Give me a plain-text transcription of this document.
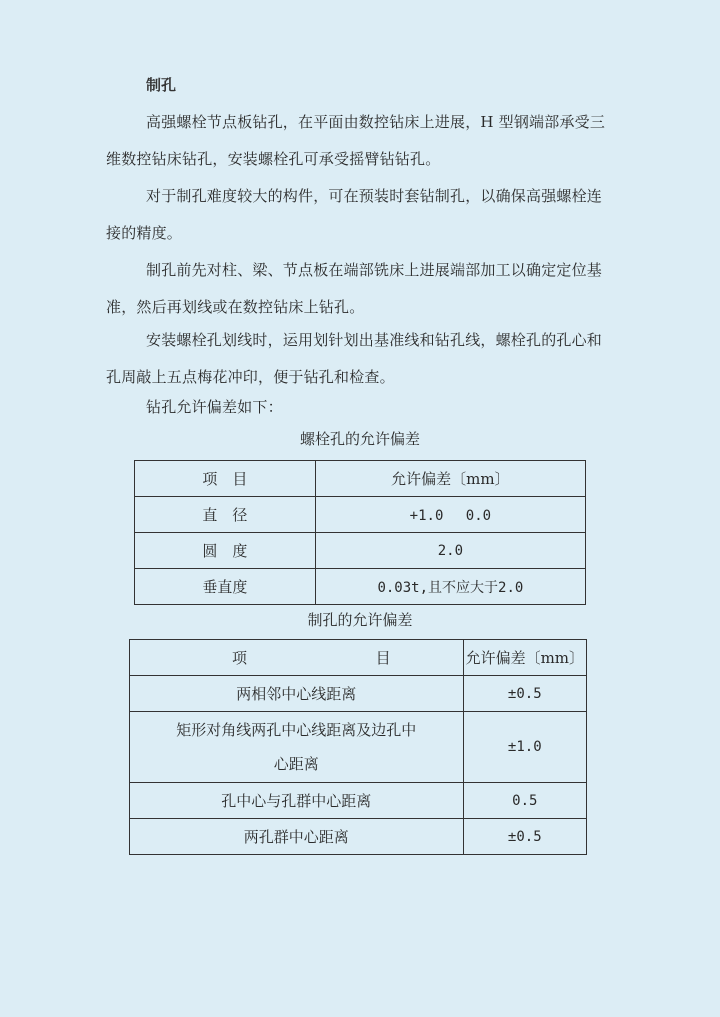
制孔
高强螺栓节点板钻孔，在平面由数控钻床上进展，H 型钢端部承受三维数控钻床钻孔，安装螺栓孔可承受摇臂钻钻孔。
对于制孔难度较大的构件，可在预装时套钻制孔，以确保高强螺栓连接的精度。
制孔前先对柱、梁、节点板在端部铣床上进展端部加工以确定定位基准，然后再划线或在数控钻床上钻孔。
安装螺栓孔划线时，运用划针划出基准线和钻孔线，螺栓孔的孔心和孔周敲上五点梅花冲印，便于钻孔和检查。
钻孔允许偏差如下：
螺栓孔的允许偏差
项　目	允许偏差〔mm〕
直　径	+1.0　 0.0
圆　度	2.0
垂直度	0.03t,且不应大于2.0
制孔的允许偏差
项 目	允许偏差〔mm〕
两相邻中心线距离	±0.5
矩形对角线两孔中心线距离及边孔中心距离	±1.0
孔中心与孔群中心距离	0.5
两孔群中心距离	±0.5
